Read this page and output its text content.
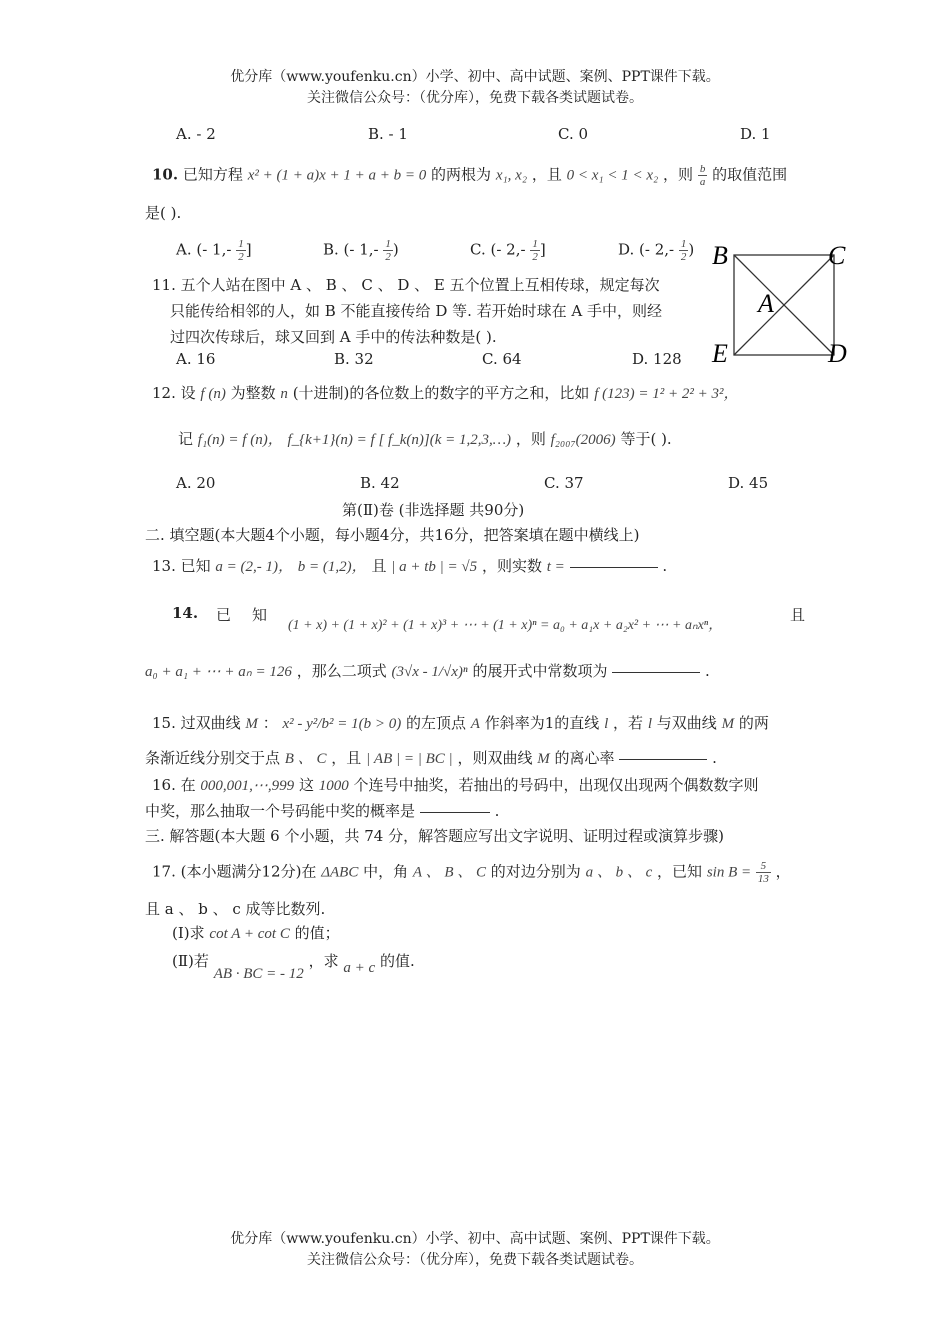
优分库（www.youfenku.cn）小学、初中、高中试题、案例、PPT课件下载。
关注微信公众号：（优分库），免费下载各类试题试卷。
A. - 2	B. - 1	C. 0	D. 1
10. 已知方程 x² + (1 + a)x + 1 + a + b = 0 的两根为 x₁, x₂ ，且 0 < x₁ < 1 < x₂ ，则 $\frac{b}{a}$ 的取值范围
是( ).
A. (- $1,- \frac{1}{2}$ ]	B. (- $1,- \frac{1}{2}$ )	C. (- $2,- \frac{1}{2}$ ]	D. (- $2,- \frac{1}{2}$ ) B	C
A
E	D
11. 五个人站在图中 A 、 B 、 C 、 D 、 E 五个位置上互相传球，规定每次
只能传给相邻的人，如 B 不能直接传给 D 等. 若开始时球在 A 手中，则经
过四次传球后，球又回到 A 手中的传法种数是( ).
A. 16	B. 32	C. 64	D. 128
12. 设 f (n) 为整数 n (十进制)的各位数上的数字的平方之和，比如 f (123) = 1² + 2² + 3²，
记 f₁(n) = f (n)， f_{k+1}(n) = f [ f_k(n)](k = 1,2,3,…) ，则 f₂₀₀₇(2006) 等于( ).
A. 20	B. 42	C. 37	D. 45
第(Ⅱ)卷 (非选择题 共90分)
二. 填空题(本大题4个小题，每小题4分，共16分，把答案填在题中横线上)
13. 已知 a = (2,- 1)， b = (1,2)， 且 | a + tb | = √5 ，则实数 t =	.
14. 已 知
(1 + x) + (1 + x)² + (1 + x)³ + ⋯ + (1 + x)ⁿ = a₀ + a₁x + a₂x² + ⋯ + aₙxⁿ，
且
a₀ + a₁ + ⋯ + aₙ = 126 ，那么二项式 (3√x - 1/√x)ⁿ 的展开式中常数项为	.
15. 过双曲线 M ： x² - y²/b² = 1(b > 0) 的左顶点 A 作斜率为1的直线 l ，若 l 与双曲线 M 的两
条渐近线分别交于点 B 、 C ，且 | AB | = | BC | ，则双曲线 M 的离心率	.
16. 在 000,001,⋯,999 这 1000 个连号中抽奖，若抽出的号码中，出现仅出现两个偶数数字则
中奖，那么抽取一个号码能中奖的概率是	.
三. 解答题(本大题 6 个小题，共 74 分，解答题应写出文字说明、证明过程或演算步骤)
17. (本小题满分12分)在 ΔABC 中，角 A 、 B 、 C 的对边分别为 a 、 b 、 c ，已知 $\sin B = \frac{5}{13}$ ，
且 a 、 b 、 c 成等比数列.
(Ⅰ)求 cot A + cot C 的值；
(Ⅱ)若 AB · BC = - 12 ，求 a + c 的值.
优分库（www.youfenku.cn）小学、初中、高中试题、案例、PPT课件下载。
关注微信公众号：（优分库），免费下载各类试题试卷。
